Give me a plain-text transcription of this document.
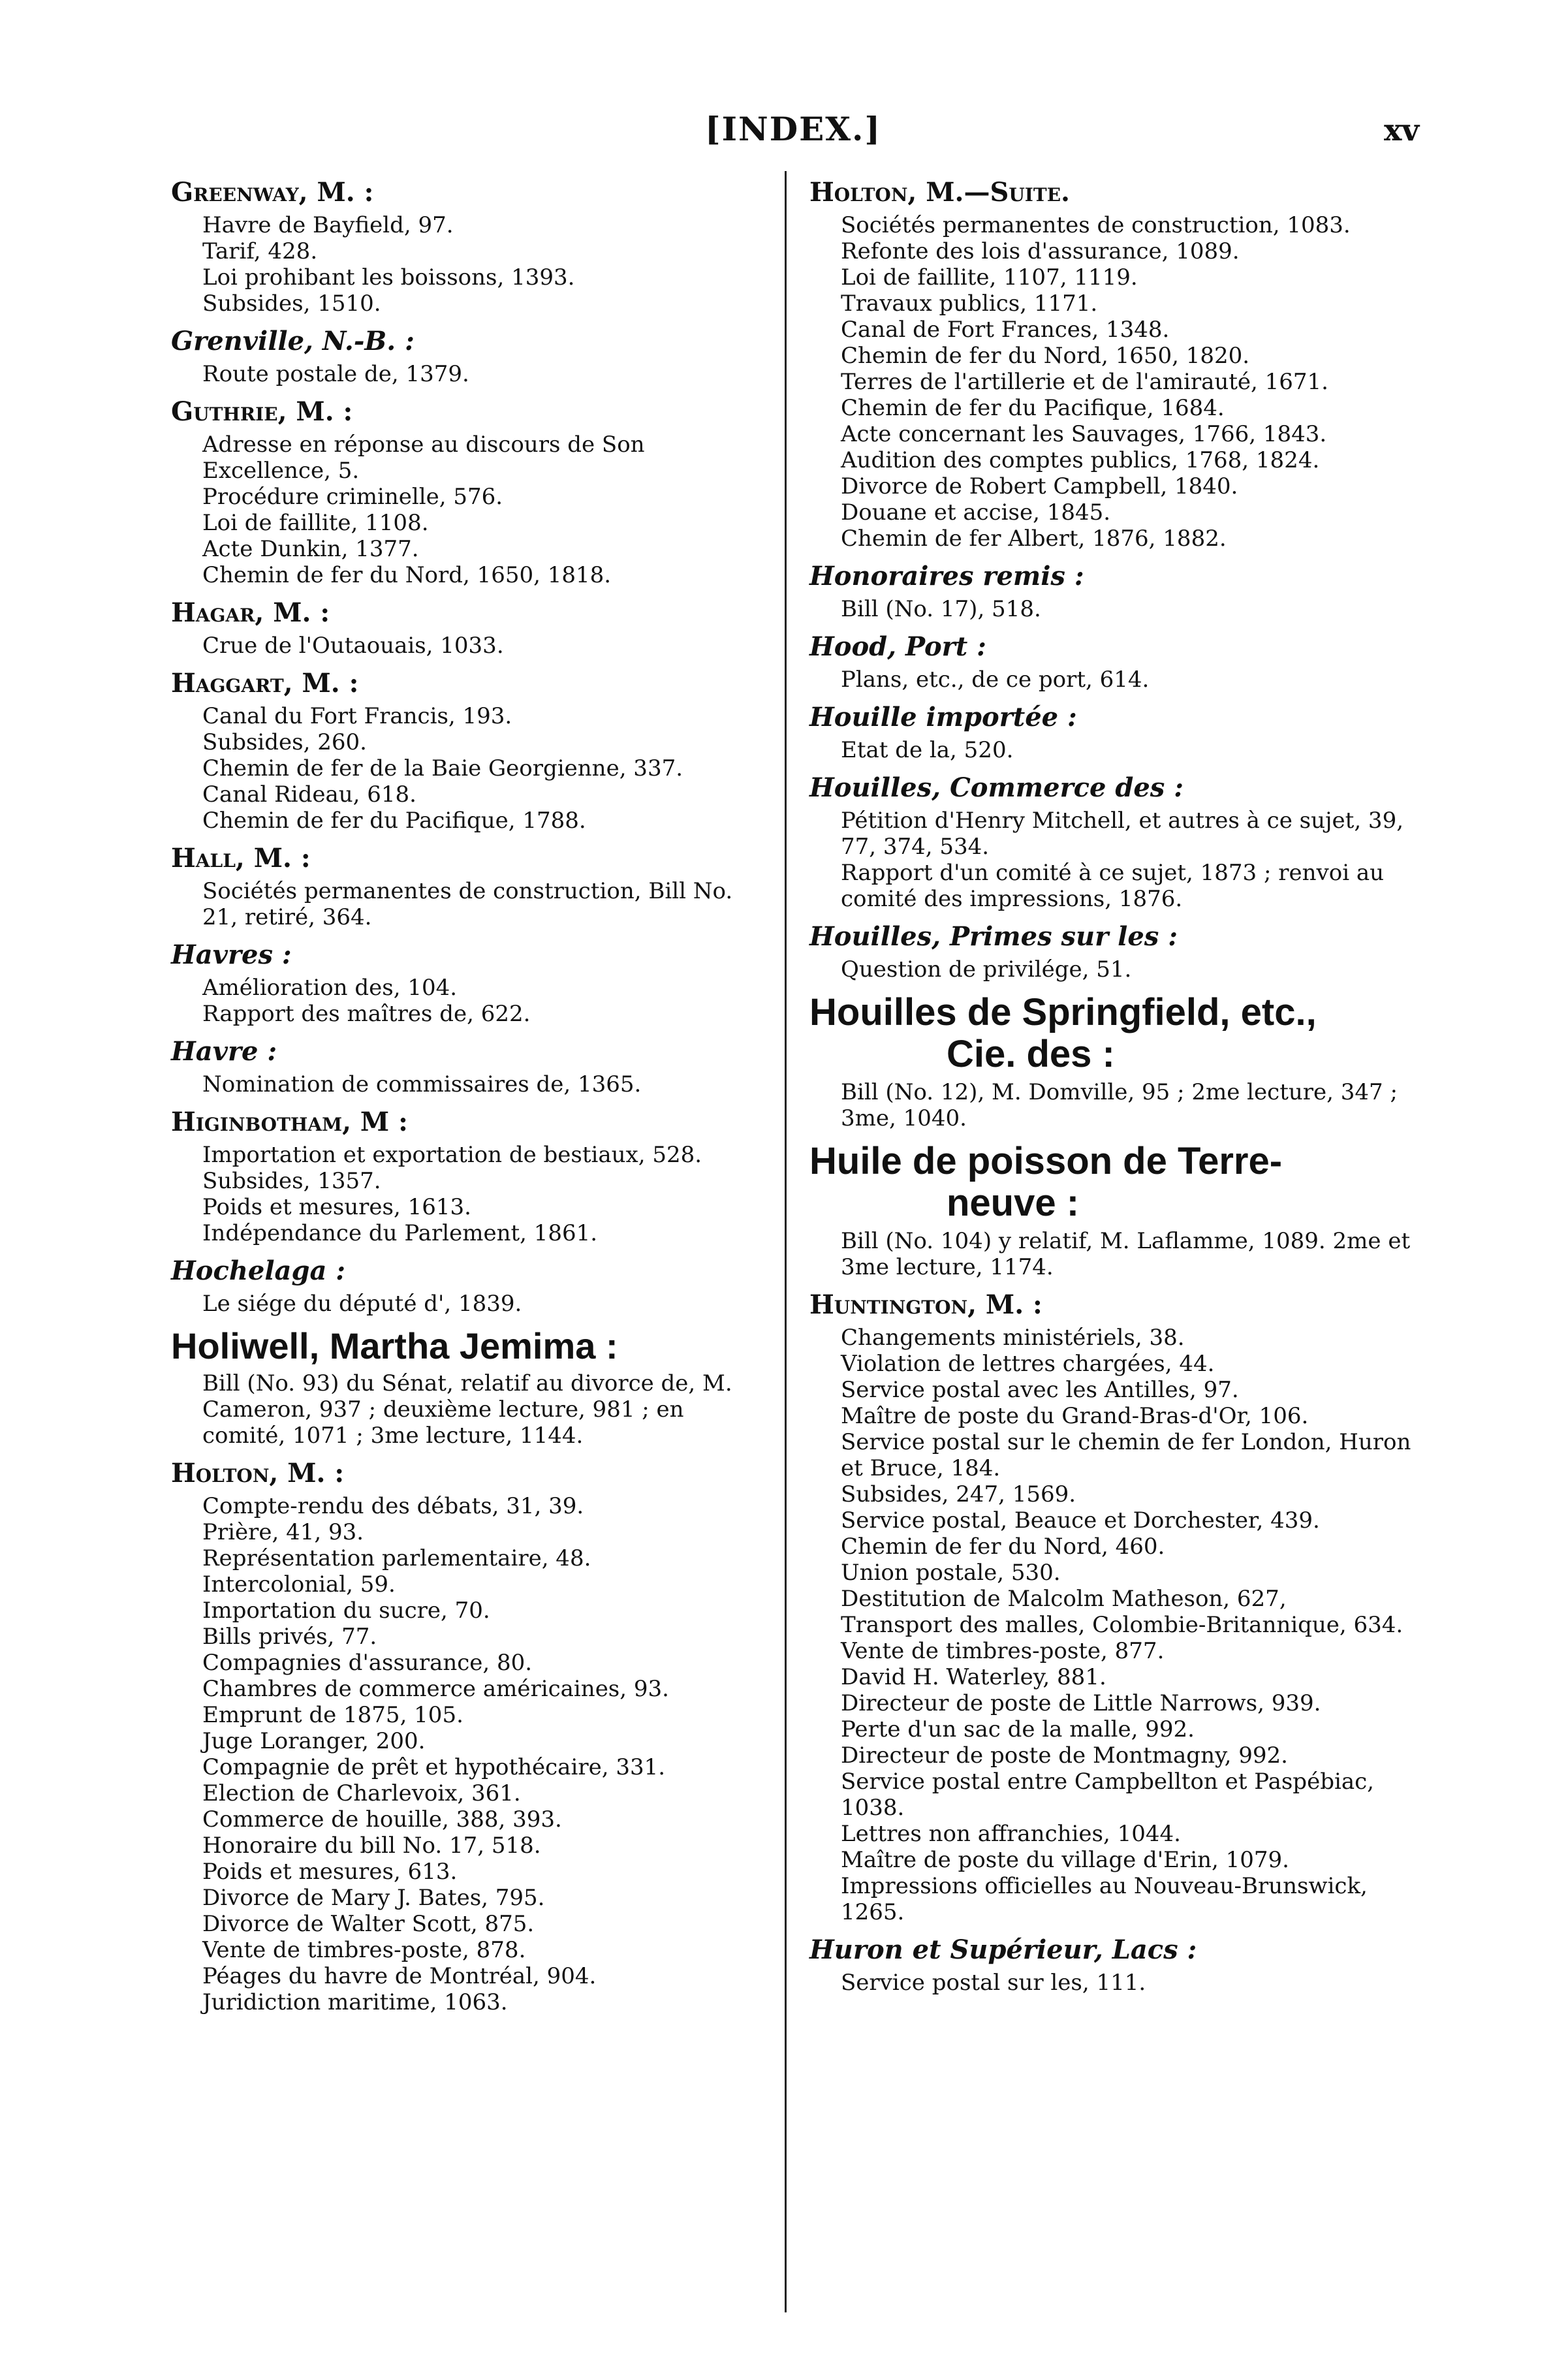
[INDEX.]	xv
Greenway, M. :
Havre de Bayfield, 97.
Tarif, 428.
Loi prohibant les boissons, 1393.
Subsides, 1510.
Grenville, N.-B. :
Route postale de, 1379.
Guthrie, M. :
Adresse en réponse au discours de Son Excellence, 5.
Procédure criminelle, 576.
Loi de faillite, 1108.
Acte Dunkin, 1377.
Chemin de fer du Nord, 1650, 1818.
Hagar, M. :
Crue de l'Outaouais, 1033.
Haggart, M. :
Canal du Fort Francis, 193.
Subsides, 260.
Chemin de fer de la Baie Georgienne, 337.
Canal Rideau, 618.
Chemin de fer du Pacifique, 1788.
Hall, M. :
Sociétés permanentes de construction, Bill No. 21, retiré, 364.
Havres :
Amélioration des, 104.
Rapport des maîtres de, 622.
Havre :
Nomination de commissaires de, 1365.
Higinbotham, M :
Importation et exportation de bestiaux, 528.
Subsides, 1357.
Poids et mesures, 1613.
Indépendance du Parlement, 1861.
Hochelaga :
Le siége du député d', 1839.
Holiwell, Martha Jemima :
Bill (No. 93) du Sénat, relatif au divorce de, M. Cameron, 937 ; deuxième lecture, 981 ; en comité, 1071 ; 3me lecture, 1144.
Holton, M. :
Compte-rendu des débats, 31, 39.
Prière, 41, 93.
Représentation parlementaire, 48.
Intercolonial, 59.
Importation du sucre, 70.
Bills privés, 77.
Compagnies d'assurance, 80.
Chambres de commerce américaines, 93.
Emprunt de 1875, 105.
Juge Loranger, 200.
Compagnie de prêt et hypothécaire, 331.
Election de Charlevoix, 361.
Commerce de houille, 388, 393.
Honoraire du bill No. 17, 518.
Poids et mesures, 613.
Divorce de Mary J. Bates, 795.
Divorce de Walter Scott, 875.
Vente de timbres-poste, 878.
Péages du havre de Montréal, 904.
Juridiction maritime, 1063.
Holton, M.—Suite.
Sociétés permanentes de construction, 1083.
Refonte des lois d'assurance, 1089.
Loi de faillite, 1107, 1119.
Travaux publics, 1171.
Canal de Fort Frances, 1348.
Chemin de fer du Nord, 1650, 1820.
Terres de l'artillerie et de l'amirauté, 1671.
Chemin de fer du Pacifique, 1684.
Acte concernant les Sauvages, 1766, 1843.
Audition des comptes publics, 1768, 1824.
Divorce de Robert Campbell, 1840.
Douane et accise, 1845.
Chemin de fer Albert, 1876, 1882.
Honoraires remis :
Bill (No. 17), 518.
Hood, Port :
Plans, etc., de ce port, 614.
Houille importée :
Etat de la, 520.
Houilles, Commerce des :
Pétition d'Henry Mitchell, et autres à ce sujet, 39, 77, 374, 534.
Rapport d'un comité à ce sujet, 1873 ; renvoi au comité des impressions, 1876.
Houilles, Primes sur les :
Question de privilége, 51.
Houilles de Springfield, etc.,
Cie. des :
Bill (No. 12), M. Domville, 95 ; 2me lecture, 347 ; 3me, 1040.
Huile de poisson de Terre-
neuve :
Bill (No. 104) y relatif, M. Laflamme, 1089. 2me et 3me lecture, 1174.
Huntington, M. :
Changements ministériels, 38.
Violation de lettres chargées, 44.
Service postal avec les Antilles, 97.
Maître de poste du Grand-Bras-d'Or, 106.
Service postal sur le chemin de fer London, Huron et Bruce, 184.
Subsides, 247, 1569.
Service postal, Beauce et Dorchester, 439.
Chemin de fer du Nord, 460.
Union postale, 530.
Destitution de Malcolm Matheson, 627,
Transport des malles, Colombie-Britannique, 634.
Vente de timbres-poste, 877.
David H. Waterley, 881.
Directeur de poste de Little Narrows, 939.
Perte d'un sac de la malle, 992.
Directeur de poste de Montmagny, 992.
Service postal entre Campbellton et Paspébiac, 1038.
Lettres non affranchies, 1044.
Maître de poste du village d'Erin, 1079.
Impressions officielles au Nouveau-Brunswick, 1265.
Huron et Supérieur, Lacs :
Service postal sur les, 111.
